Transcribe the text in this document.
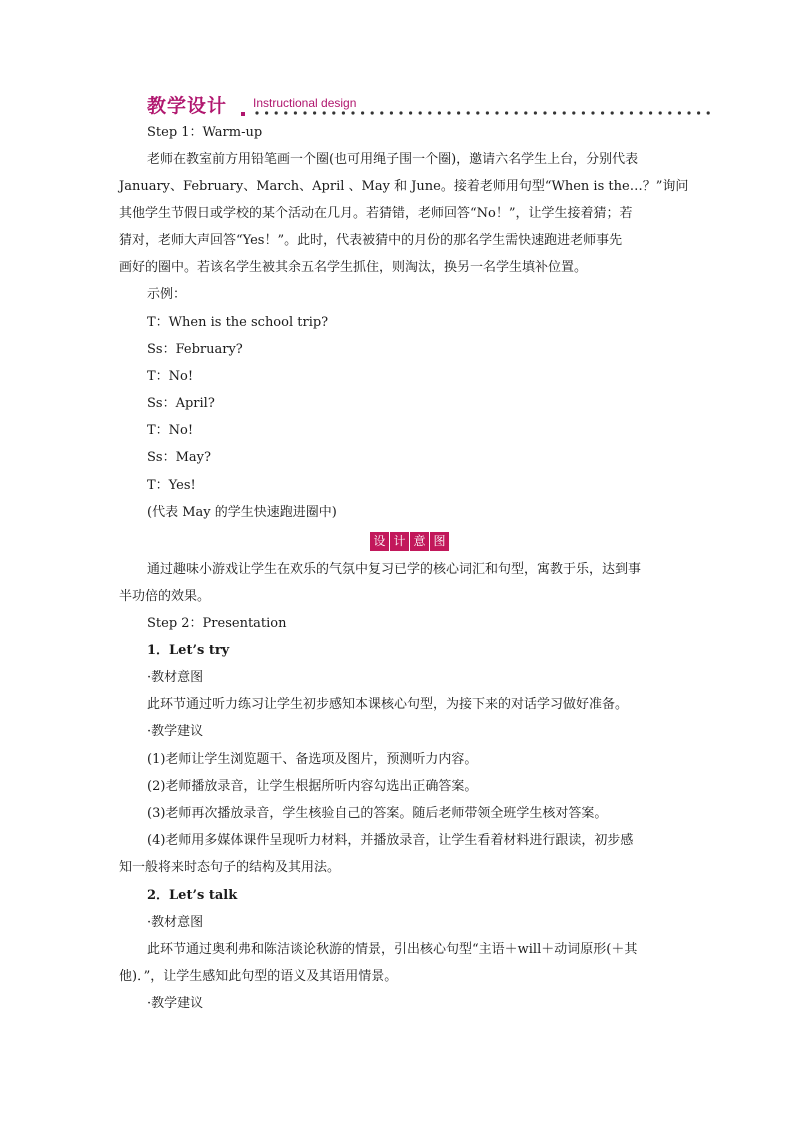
教学设计 Instructional design
Step 1：Warm-up
老师在教室前方用铅笔画一个圈(也可用绳子围一个圈)，邀请六名学生上台，分别代表
January、February、March、April 、May 和 June。接着老师用句型“When is the…？”询问
其他学生节假日或学校的某个活动在几月。若猜错，老师回答“No！”，让学生接着猜；若
猜对，老师大声回答“Yes！”。此时，代表被猜中的月份的那名学生需快速跑进老师事先
画好的圈中。若该名学生被其余五名学生抓住，则淘汰，换另一名学生填补位置。
示例：
T：When is the school trip?
Ss：February?
T：No!
Ss：April?
T：No!
Ss：May?
T：Yes!
(代表 May 的学生快速跑进圈中)
设 计 意 图
通过趣味小游戏让学生在欢乐的气氛中复习已学的核心词汇和句型，寓教于乐，达到事
半功倍的效果。
Step 2：Presentation
1．Let’s try
·教材意图
此环节通过听力练习让学生初步感知本课核心句型，为接下来的对话学习做好准备。
·教学建议
(1)老师让学生浏览题干、备选项及图片，预测听力内容。
(2)老师播放录音，让学生根据所听内容勾选出正确答案。
(3)老师再次播放录音，学生核验自己的答案。随后老师带领全班学生核对答案。
(4)老师用多媒体课件呈现听力材料，并播放录音，让学生看着材料进行跟读，初步感
知一般将来时态句子的结构及其用法。
2．Let’s talk
·教材意图
此环节通过奥利弗和陈洁谈论秋游的情景，引出核心句型“主语＋will＋动词原形(＋其
他)．”，让学生感知此句型的语义及其语用情景。
·教学建议
